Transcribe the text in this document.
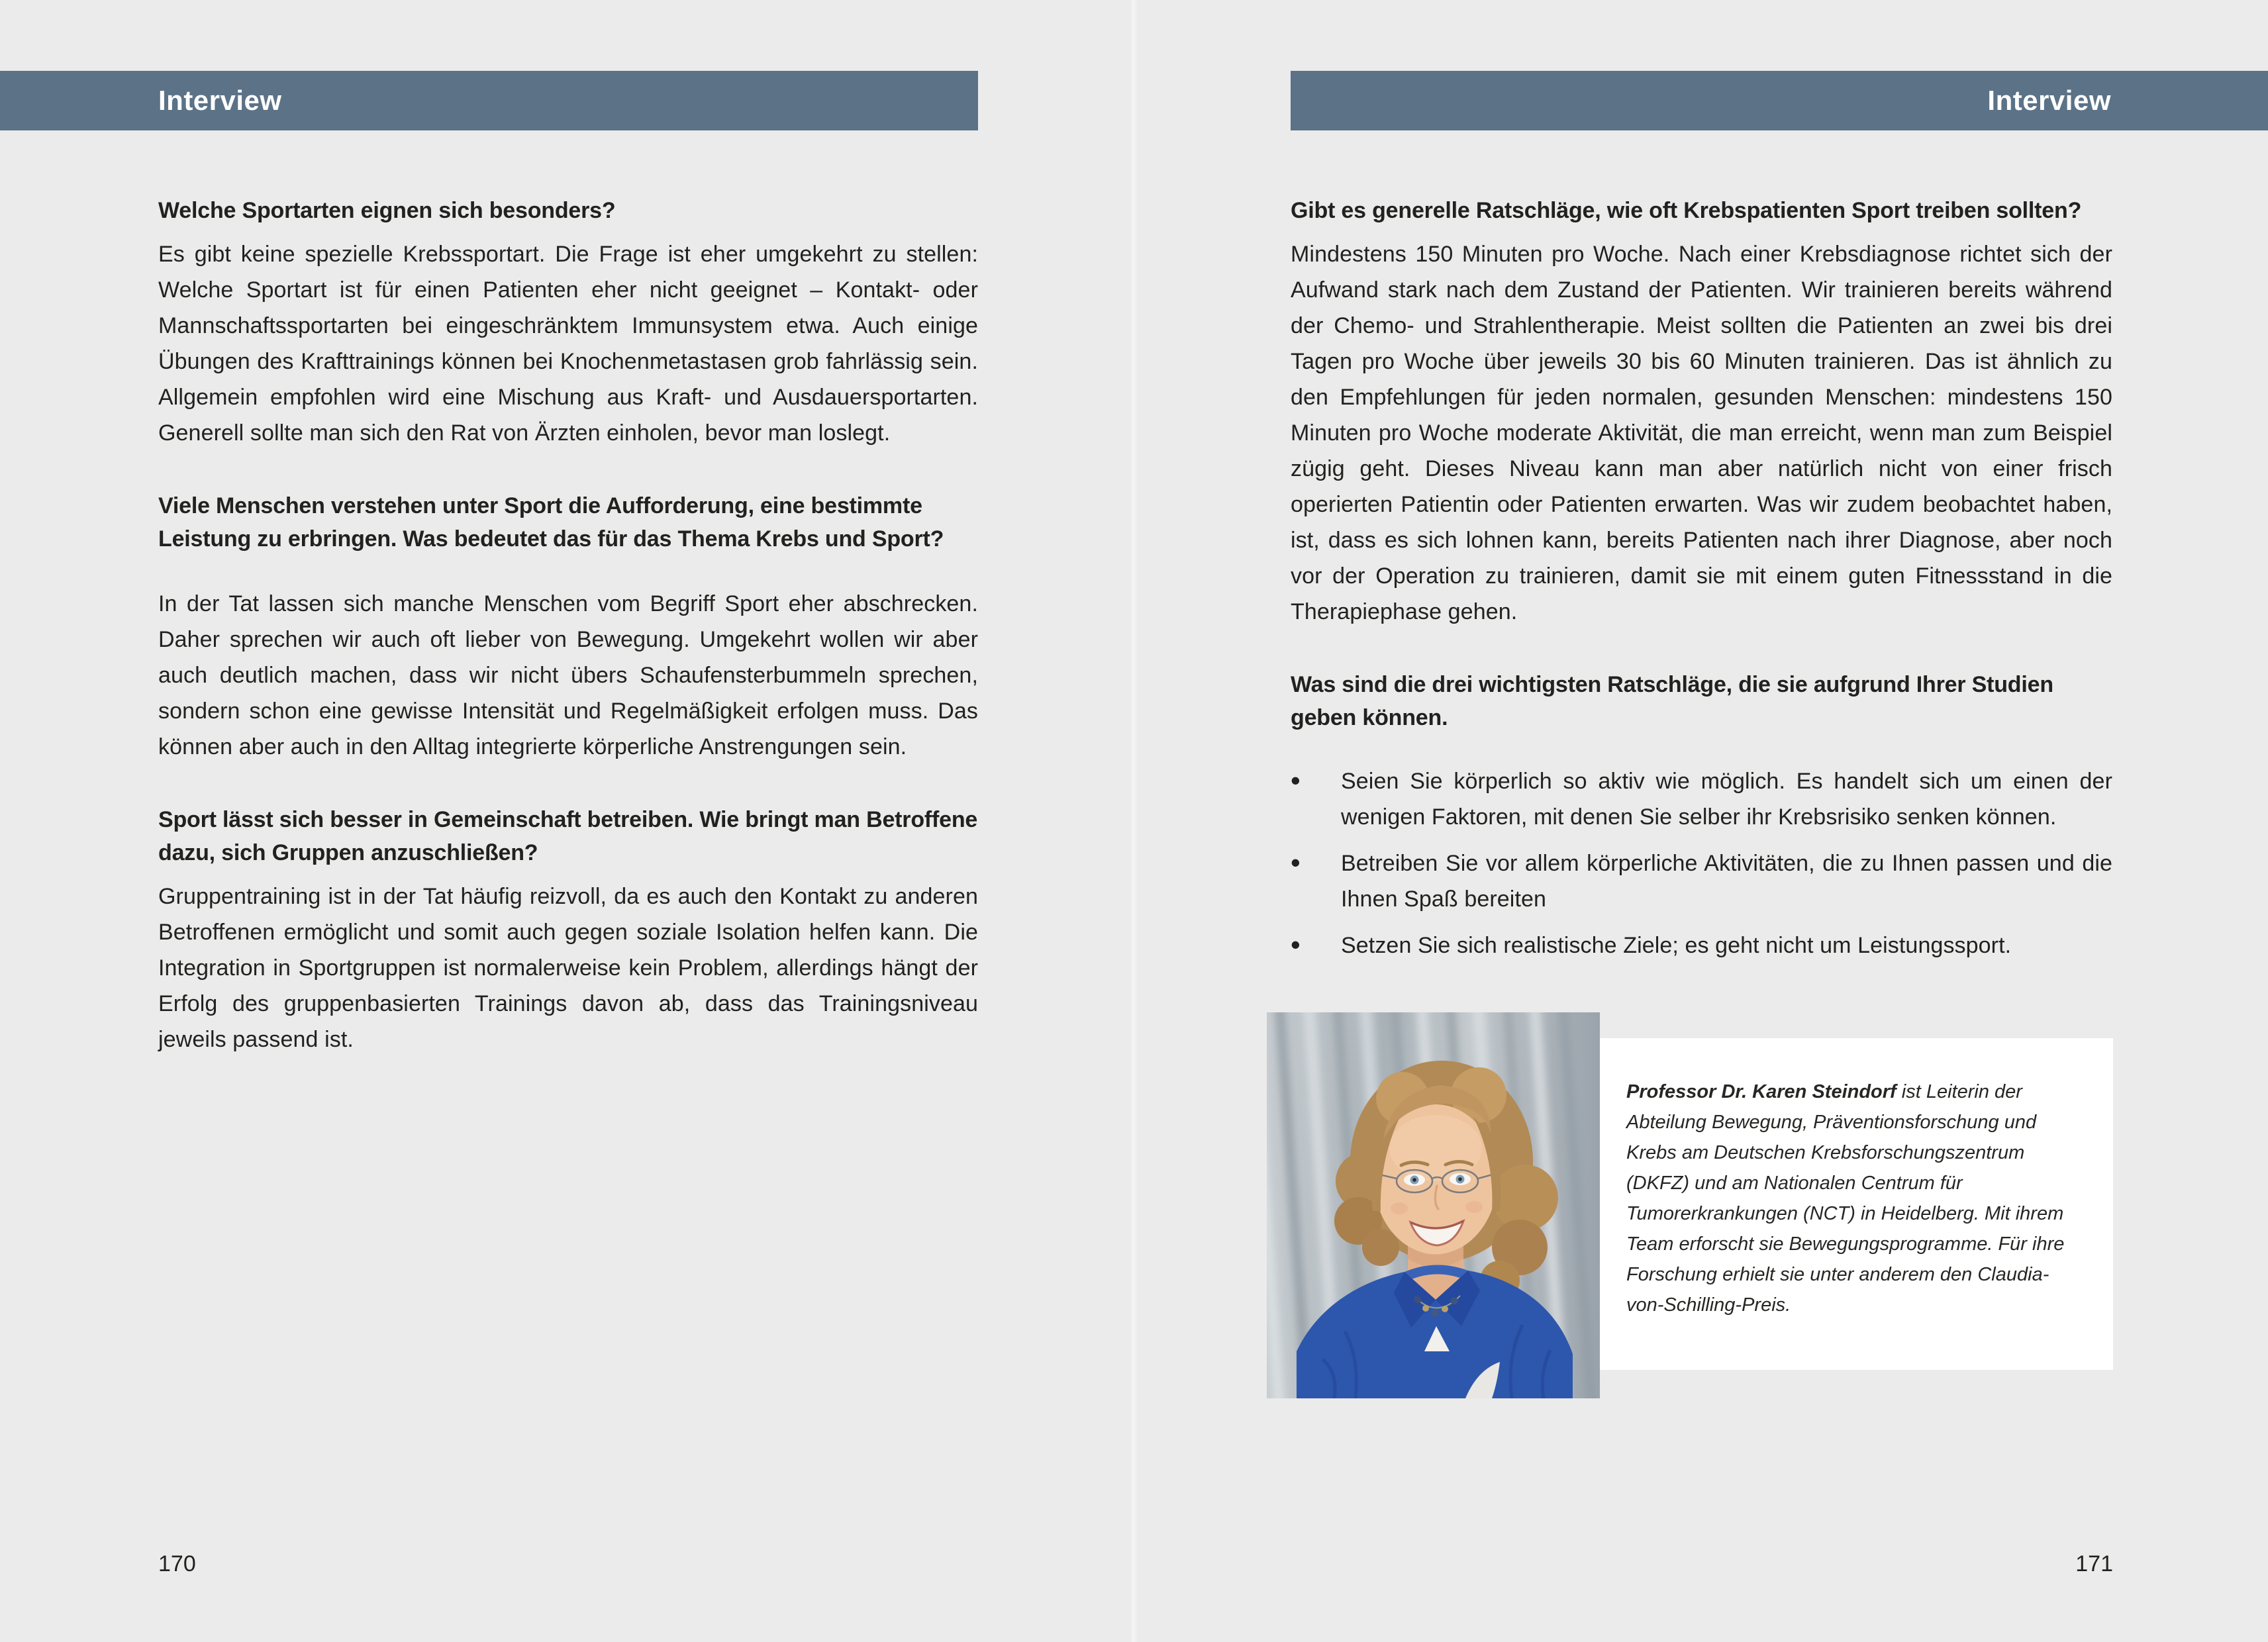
Interview	Interview
Welche Sportarten eignen sich besonders?

Es gibt keine spezielle Krebssportart. Die Frage ist eher umgekehrt zu stellen: Welche Sportart ist für einen Patienten eher nicht geeignet – Kontakt- oder Mannschaftssportarten bei eingeschränktem Immunsystem etwa. Auch einige Übungen des Krafttrainings können bei Knochenmetastasen grob fahrlässig sein. Allgemein empfohlen wird eine Mischung aus Kraft- und Ausdauersportarten. Generell sollte man sich den Rat von Ärzten einholen, bevor man loslegt.

Viele Menschen verstehen unter Sport die Aufforderung, eine bestimmte Leistung zu erbringen. Was bedeutet das für das Thema Krebs und Sport?

In der Tat lassen sich manche Menschen vom Begriff Sport eher abschrecken. Daher sprechen wir auch oft lieber von Bewegung. Umgekehrt wollen wir aber auch deutlich machen, dass wir nicht übers Schaufensterbummeln sprechen, sondern schon eine gewisse Intensität und Regelmäßigkeit erfolgen muss. Das können aber auch in den Alltag integrierte körperliche Anstrengungen sein.

Sport lässt sich besser in Gemeinschaft betreiben. Wie bringt man Betroffene dazu, sich Gruppen anzuschließen?

Gruppentraining ist in der Tat häufig reizvoll, da es auch den Kontakt zu anderen Betroffenen ermöglicht und somit auch gegen soziale Isolation helfen kann. Die Integration in Sportgruppen ist normalerweise kein Problem, allerdings hängt der Erfolg des gruppenbasierten Trainings davon ab, dass das Trainingsniveau jeweils passend ist.

Gibt es generelle Ratschläge, wie oft Krebspatienten Sport treiben sollten?

Mindestens 150 Minuten pro Woche. Nach einer Krebsdiagnose richtet sich der Aufwand stark nach dem Zustand der Patienten. Wir trainieren bereits während der Chemo- und Strahlentherapie. Meist sollten die Patienten an zwei bis drei Tagen pro Woche über jeweils 30 bis 60 Minuten trainieren. Das ist ähnlich zu den Empfehlungen für jeden normalen, gesunden Menschen: mindestens 150 Minuten pro Woche moderate Aktivität, die man erreicht, wenn man zum Beispiel zügig geht. Dieses Niveau kann man aber natürlich nicht von einer frisch operierten Patientin oder Patienten erwarten. Was wir zudem beobachtet haben, ist, dass es sich lohnen kann, bereits Patienten nach ihrer Diagnose, aber noch vor der Operation zu trainieren, damit sie mit einem guten Fitnessstand in die Therapiephase gehen.

Was sind die drei wichtigsten Ratschläge, die sie aufgrund Ihrer Studien geben können.
•	Seien Sie körperlich so aktiv wie möglich. Es handelt sich um einen der wenigen Faktoren, mit denen Sie selber ihr Krebsrisiko senken können.
•	Betreiben Sie vor allem körperliche Aktivitäten, die zu Ihnen passen und die Ihnen Spaß bereiten
•	Setzen Sie sich realistische Ziele; es geht nicht um Leistungssport.
Professor Dr. Karen Steindorf ist Leiterin der Abteilung Bewegung, Präventionsforschung und Krebs am Deutschen Krebsforschungszentrum (DKFZ) und am Nationalen Centrum für Tumorerkrankungen (NCT) in Heidelberg. Mit ihrem Team erforscht sie Bewegungsprogramme. Für ihre Forschung erhielt sie unter anderem den Claudia-von-Schilling-Preis.
170	171
